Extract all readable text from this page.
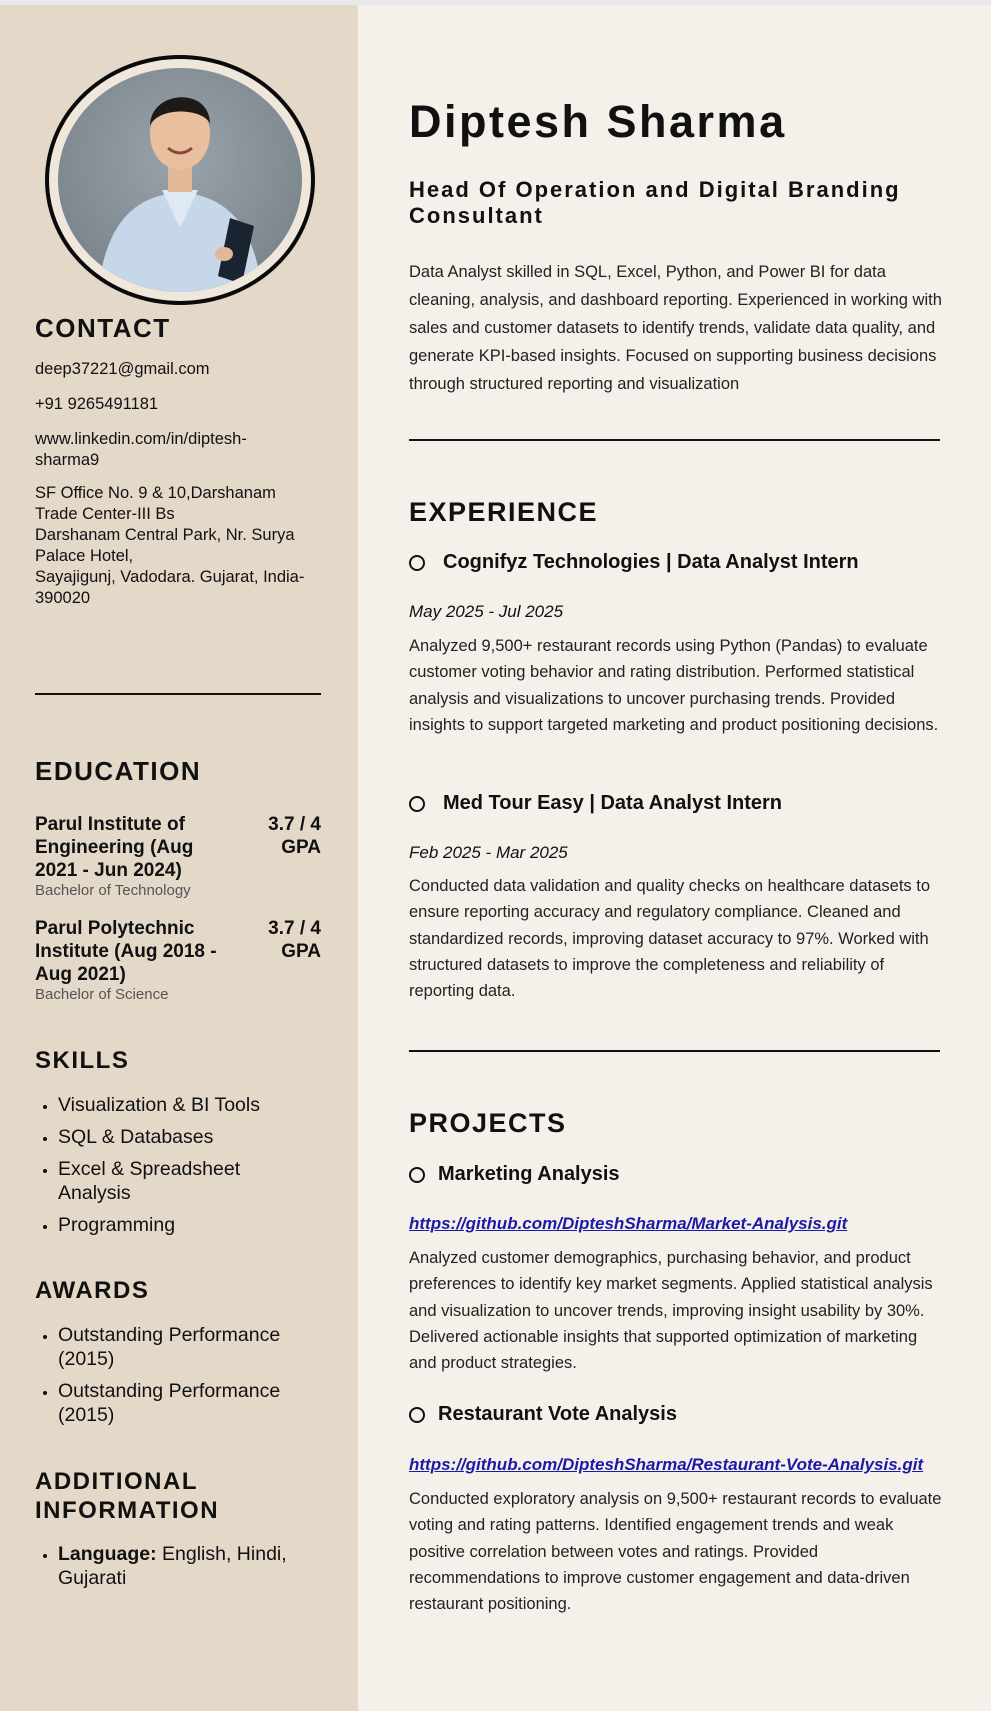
CONTACT
deep37221@gmail.com
+91 9265491181
www.linkedin.com/in/diptesh-sharma9
SF Office No. 9 & 10,Darshanam Trade Center-III Bs
Darshanam Central Park, Nr. Surya Palace Hotel,
Sayajigunj, Vadodara. Gujarat, India-390020
EDUCATION
Parul Institute of Engineering (Aug 2021 - Jun 2024)
3.7 / 4 GPA
Bachelor of Technology
Parul Polytechnic Institute (Aug 2018 - Aug 2021)
3.7 / 4 GPA
Bachelor of Science
SKILLS
• Visualization & BI Tools
• SQL & Databases
• Excel & Spreadsheet Analysis
• Programming
AWARDS
• Outstanding Performance (2015)
• Outstanding Performance (2015)
ADDITIONAL INFORMATION
• Language: English, Hindi, Gujarati
Diptesh Sharma
Head Of Operation and Digital Branding Consultant
Data Analyst skilled in SQL, Excel, Python, and Power BI for data cleaning, analysis, and dashboard reporting. Experienced in working with sales and customer datasets to identify trends, validate data quality, and generate KPI-based insights. Focused on supporting business decisions through structured reporting and visualization
EXPERIENCE
Cognifyz Technologies | Data Analyst Intern
May 2025 - Jul 2025
Analyzed 9,500+ restaurant records using Python (Pandas) to evaluate customer voting behavior and rating distribution. Performed statistical analysis and visualizations to uncover purchasing trends. Provided insights to support targeted marketing and product positioning decisions.
Med Tour Easy | Data Analyst Intern
Feb 2025 - Mar 2025
Conducted data validation and quality checks on healthcare datasets to ensure reporting accuracy and regulatory compliance. Cleaned and standardized records, improving dataset accuracy to 97%. Worked with structured datasets to improve the completeness and reliability of reporting data.
PROJECTS
Marketing Analysis
https://github.com/DipteshSharma/Market-Analysis.git
Analyzed customer demographics, purchasing behavior, and product preferences to identify key market segments. Applied statistical analysis and visualization to uncover trends, improving insight usability by 30%. Delivered actionable insights that supported optimization of marketing and product strategies.
Restaurant Vote Analysis
https://github.com/DipteshSharma/Restaurant-Vote-Analysis.git
Conducted exploratory analysis on 9,500+ restaurant records to evaluate voting and rating patterns. Identified engagement trends and weak positive correlation between votes and ratings. Provided recommendations to improve customer engagement and data-driven restaurant positioning.
